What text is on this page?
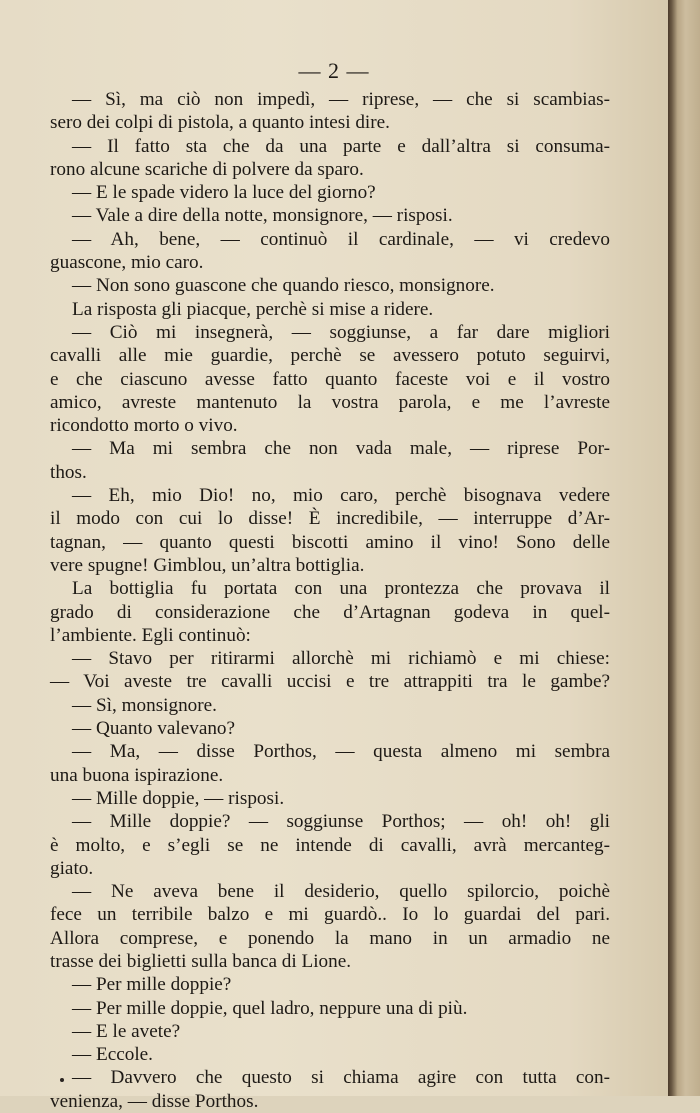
— 2 —
— Sì, ma ciò non impedì, — riprese, — che si scambias-
sero dei colpi di pistola, a quanto intesi dire.
— Il fatto sta che da una parte e dall’altra si consuma-
rono alcune scariche di polvere da sparo.
— E le spade videro la luce del giorno?
— Vale a dire della notte, monsignore, — risposi.
— Ah, bene, — continuò il cardinale, — vi credevo
guascone, mio caro.
— Non sono guascone che quando riesco, monsignore.
La risposta gli piacque, perchè si mise a ridere.
— Ciò mi insegnerà, — soggiunse, a far dare migliori
cavalli alle mie guardie, perchè se avessero potuto seguirvi,
e che ciascuno avesse fatto quanto faceste voi e il vostro
amico, avreste mantenuto la vostra parola, e me l’avreste
ricondotto morto o vivo.
— Ma mi sembra che non vada male, — riprese Por-
thos.
— Eh, mio Dio! no, mio caro, perchè bisognava vedere
il modo con cui lo disse! È incredibile, — interruppe d’Ar-
tagnan, — quanto questi biscotti amino il vino! Sono delle
vere spugne! Gimblou, un’altra bottiglia.
La bottiglia fu portata con una prontezza che provava il
grado di considerazione che d’Artagnan godeva in quel-
l’ambiente. Egli continuò:
— Stavo per ritirarmi allorchè mi richiamò e mi chiese:
— Voi aveste tre cavalli uccisi e tre attrappiti tra le gambe?
— Sì, monsignore.
— Quanto valevano?
— Ma, — disse Porthos, — questa almeno mi sembra
una buona ispirazione.
— Mille doppie, — risposi.
— Mille doppie? — soggiunse Porthos; — oh! oh! gli
è molto, e s’egli se ne intende di cavalli, avrà mercanteg-
giato.
— Ne aveva bene il desiderio, quello spilorcio, poichè
fece un terribile balzo e mi guardò.. Io lo guardai del pari.
Allora comprese, e ponendo la mano in un armadio ne
trasse dei biglietti sulla banca di Lione.
— Per mille doppie?
— Per mille doppie, quel ladro, neppure una di più.
— E le avete?
— Eccole.
— Davvero che questo si chiama agire con tutta con-
venienza, — disse Porthos.
